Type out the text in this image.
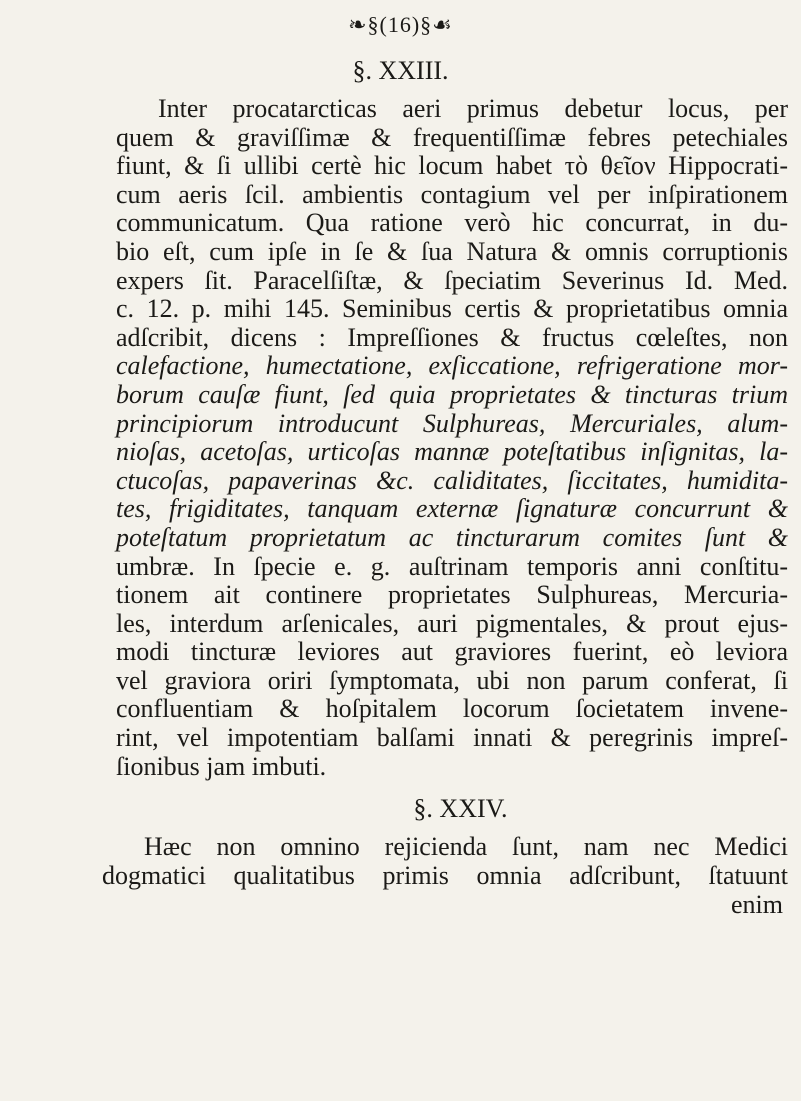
❧§(16)§☙
§. XXIII.
Inter procatarcticas aeri primus debetur locus, per
quem & graviſſimæ & frequentiſſimæ febres petechiales
fiunt, & ſi ullibi certè hic locum habet τὸ θεῖον Hippocrati-
cum aeris ſcil. ambientis contagium vel per inſpirationem
communicatum. Qua ratione verò hic concurrat, in du-
bio eſt, cum ipſe in ſe & ſua Natura & omnis corruptionis
expers ſit. Paracelſiſtæ, & ſpeciatim Severinus Id. Med.
c. 12. p. mihi 145. Seminibus certis & proprietatibus omnia
adſcribit, dicens : Impreſſiones & fructus cœleſtes, non
calefactione, humectatione, exſiccatione, refrigeratione mor-
borum cauſæ fiunt, ſed quia proprietates & tincturas trium
principiorum introducunt Sulphureas, Mercuriales, alum-
nioſas, acetoſas, urticoſas mannæ poteſtatibus inſignitas, la-
ctucoſas, papaverinas &c. caliditates, ſiccitates, humidita-
tes, frigiditates, tanquam externæ ſignaturæ concurrunt &
poteſtatum proprietatum ac tincturarum comites ſunt &
umbræ. In ſpecie e. g. auſtrinam temporis anni conſtitu-
tionem ait continere proprietates Sulphureas, Mercuria-
les, interdum arſenicales, auri pigmentales, & prout ejus-
modi tincturæ leviores aut graviores fuerint, eò leviora
vel graviora oriri ſymptomata, ubi non parum conferat, ſi
confluentiam & hoſpitalem locorum ſocietatem invene-
rint, vel impotentiam balſami innati & peregrinis impreſ-
ſionibus jam imbuti.
§. XXIV.
Hæc non omnino rejicienda ſunt, nam nec Medici
dogmatici qualitatibus primis omnia adſcribunt, ſtatuunt
enim
